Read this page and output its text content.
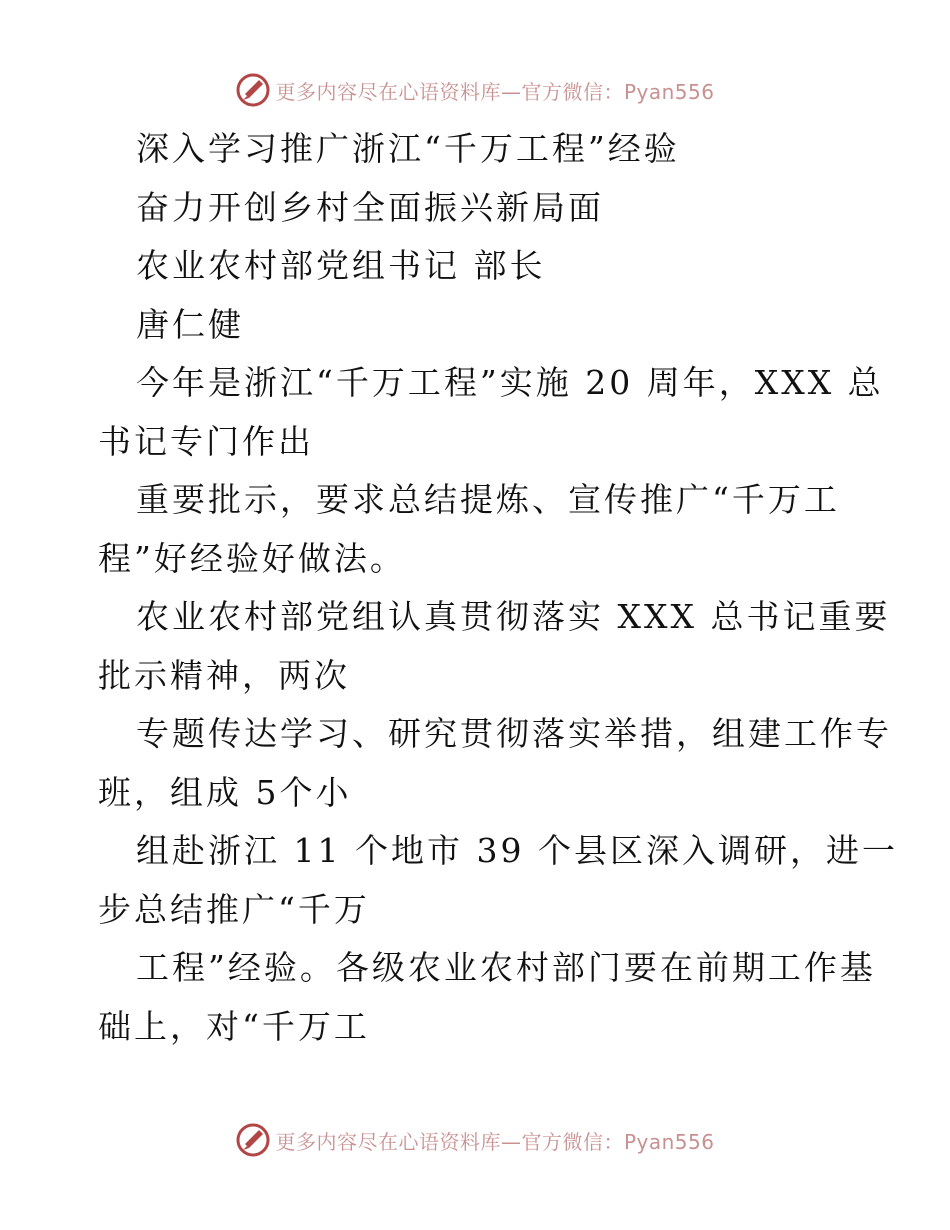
更多内容尽在心语资料库—官方微信：Pyan556
深入学习推广浙江“千万工程”经验
奋力开创乡村全面振兴新局面
农业农村部党组书记 部长
唐仁健
今年是浙江“千万工程”实施 20 周年，XXX 总
书记专门作出
重要批示，要求总结提炼、宣传推广“千万工
程”好经验好做法。
农业农村部党组认真贯彻落实 XXX 总书记重要
批示精神，两次
专题传达学习、研究贯彻落实举措，组建工作专
班，组成 5个小
组赴浙江 11 个地市 39 个县区深入调研，进一
步总结推广“千万
工程”经验。各级农业农村部门要在前期工作基
础上，对“千万工
更多内容尽在心语资料库—官方微信：Pyan556
